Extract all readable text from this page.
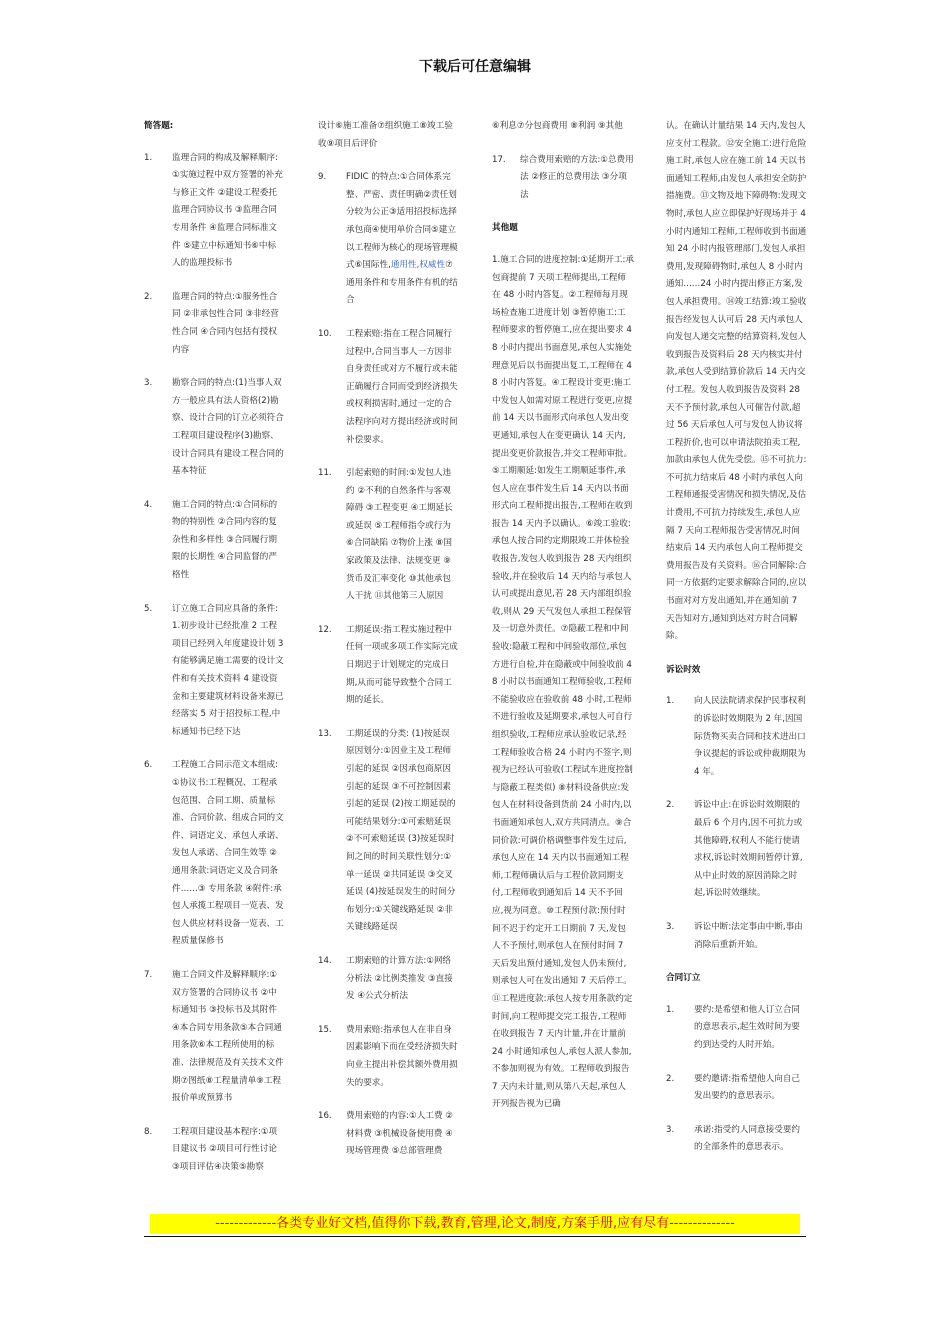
下载后可任意编辑
简答题:
1.	监理合同的构成及解释顺序:①实施过程中双方签署的补充与修正文件 ②建设工程委托监理合同协议书 ③监理合同专用条件 ④监理合同标准文件 ⑤建立中标通知书⑥中标人的监理投标书
2.	监理合同的特点:①服务性合同 ②非承包性合同 ③非经营性合同 ④合同内包括有授权内容
3.	勘察合同的特点:(1)当事人双方一般应具有法人资格(2)勘察、设计合同的订立必须符合工程项目建设程序(3)勘察、设计合同具有建设工程合同的基本特征
4.	施工合同的特点:①合同标的物的特别性 ②合同内容的复杂性和多样性 ③合同履行期限的长期性 ④合同监督的严格性
5.	订立施工合同应具备的条件:1.初步设计已经批准 2 工程项目已经列入年度建设计划 3 有能够满足施工需要的设计文件和有关技术资料 4 建设资金和主要建筑材料设备来源已经落实 5 对于招投标工程,中标通知书已经下达
6.	工程施工合同示范文本组成:①协议书:工程概况、工程承包范围、合同工期、质量标准、合同价款、组成合同的文件、词语定义、承包人承诺、发包人承诺、合同生效等 ②通用条款:词语定义及合同条件……③ 专用条款 ④附件:承包人承揽工程项目一览表、发包人供应材料设备一览表、工程质量保修书
7.	施工合同文件及解释顺序:①双方签署的合同协议书 ②中标通知书 ③投标书及其附件④本合同专用条款⑤本合同通用条款⑥本工程所使用的标准、法律规范及有关技术文件期⑦图纸⑧工程量清单⑨工程报价单或预算书
8.	工程项目建设基本程序:①项目建议书 ②项目可行性讨论③项目评估④决策⑤勘察
设计⑥施工准备⑦组织施工⑧竣工验收⑨项目后评价
9.	FIDIC 的特点:①合同体系完整、严密、责任明确②责任划分较为公正③适用招投标选择承包商④使用单价合同⑤建立以工程师为核心的现场管理模式⑥国际性,通用性,权威性⑦通用条件和专用条件有机的结合
10.	工程索赔:指在工程合同履行过程中,合同当事人一方因非自身责任或对方不履行或未能正确履行合同而受到经济损失或权利损害时,通过一定的合法程序向对方提出经济或时间补偿要求。
11.	引起索赔的时间:①发包人违约 ②不利的自然条件与客观障碍 ③工程变更 ④工期延长或延误 ⑤工程师指令或行为 ⑥合同缺陷 ⑦物价上涨 ⑧国家政策及法律、法规变更 ⑨货币及汇率变化 ⑩其他承包人干扰 ⑪其他第三人原因
12.	工期延误:指工程实施过程中任何一项或多项工作实际完成日期迟于计划规定的完成日期,从而可能导致整个合同工期的延长。
13.	工期延误的分类: (1)按延误原因划分:①因业主及工程师引起的延误 ②因承包商原因引起的延误 ③不可控制因素引起的延误 (2)按工期延误的可能结果划分:①可索赔延误 ②不可索赔延误 (3)按延误时间之间的时间关联性划分:①单一延误 ②共同延误 ③交叉延误 (4)按延误发生的时间分布划分:①关键线路延误 ②非关键线路延误
14.	工期索赔的计算方法:①网络分析法 ②比例类推发 ③直接发 ④公式分析法
15.	费用索赔:指承包人在非自身因素影响下而在受经济损失时向业主提出补偿其额外费用损失的要求。
16.	费用索赔的内容:①人工费 ②材料费 ③机械设备使用费 ④现场管理费 ⑤总部管理费
⑥利息⑦分包商费用 ⑧利润 ⑨其他
17.	综合费用索赔的方法:①总费用法 ②修正的总费用法 ③分项法
其他题
1.施工合同的进度控制:①延期开工:承包商提前 7 天项工程师提出,工程师在 48 小时内答复。②工程师每月现场检查施工进度计划 ③暂停施工:工程师要求的暂停施工,应在提出要求 48 小时内提出书面意见,承包人实施处理意见后以书面提出复工,工程师在 48 小时内答复。④工程设计变更:施工中发包人如需对原工程进行变更,应提前 14 天以书面形式向承包人发出变更通知,承包人在变更确认 14 天内,提出变更价款报告,并交工程师审批。⑤工期顺延:如发生工期顺延事件,承包人应在事件发生后 14 天内以书面形式向工程师提出报告,工程师在收到报告 14 天内予以确认。⑥竣工验收:承包人按合同约定期限竣工并体检验收报告,发包人收到报告 28 天内组织验收,并在验收后 14 天内给与承包人认可或提出意见,若 28 天内部组织验收,则从 29 天气发包人承担工程保管及一切意外责任。⑦隐蔽工程和中间验收:隐蔽工程和中间验收部位,承包方进行自检,并在隐蔽或中间验收前 48 小时以书面通知工程师验收,工程师不能验收应在验收前 48 小时,工程师不进行验收及延期要求,承包人可自行组织验收,工程师应承认验收记录,经工程师验收合格 24 小时内不签字,则视为已经认可验收(工程试车进度控制与隐蔽工程类似) ⑧材料设备供应:发包人在材料设备到货前 24 小时内,以书面通知承包人,双方共同清点。⑨合同价款:可调价格调整事件发生过后,承包人应在 14 天内以书面通知工程师,工程师确认后与工程价款同期支付,工程师收到通知后 14 天不予回应,视为同意。⑩工程预付款:预付时间不迟于约定开工日期前 7 天,发包人不予预付,则承包人在预付时间 7 天后发出预付通知,发包人仍未预付,则承包人可在发出通知 7 天后停工。⑪工程进度款:承包人按专用条款约定时间,向工程师提交完工报告,工程师在收到报告 7 天内计量,并在计量前 24 小时通知承包人,承包人派人参加,不参加则视为有效。工程师收到报告 7 天内未计量,则从第八天起,承包人开列报告视为已确
认。在确认计量结果 14 天内,发包人应支付工程款。⑫安全施工:进行危险施工时,承包人应在施工前 14 天以书面通知工程师,由发包人承担安全防护措施费。⑬文物及地下障碍物:发现文物时,承包人应立即保护好现场并于 4 小时内通知工程师,工程师收到书面通知 24 小时内报管理部门,发包人承担费用,发现障碍物时,承包人 8 小时内通知……24 小时内提出修正方案,发包人承担费用。⑭竣工结算:竣工验收报告经发包人认可后 28 天内承包人向发包人递交完整的结算资料,发包人收到报告及资料后 28 天内核实并付款,承包人受到结算价款后 14 天内交付工程。发包人收到报告及资料 28 天不予预付款,承包人可催告付款,超过 56 天后承包人可与发包人协议将工程折价,也可以申请法院拍卖工程,加款由承包人优先受偿。⑮不可抗力:不可抗力结束后 48 小时内承包人向工程师通报受害情况和损失情况,及估计费用,不可抗力持续发生,承包人应隔 7 天向工程师报告受害情况,时间结束后 14 天内承包人向工程师提交费用报告及有关资料。⑯合同解除:合同一方依据约定要求解除合同的,应以书面对对方发出通知,并在通知前 7 天告知对方,通知到达对方时合同解除。
诉讼时效
1.	向人民法院请求保护民事权利的诉讼时效期限为 2 年,因国际货物买卖合同和技术进出口争议提起的诉讼或仲裁期限为 4 年。
2.	诉讼中止:在诉讼时效期限的最后 6 个月内,因不可抗力或其他障碍,权利人不能行使请求权,诉讼时效期间暂停计算,从中止时效的原因消除之时起,诉讼时效继续。
3.	诉讼中断:法定事由中断,事由消除后重新开始。
合同订立
1.	要约:是希望和他人订立合同的意思表示,起生效时间为要约到达受约人时开始。
2.	要约邀请:指希望他人向自己发出要约的意思表示。
3.	承诺:指受约人同意接受要约的全部条件的意思表示。
-------------各类专业好文档,值得你下载,教育,管理,论文,制度,方案手册,应有尽有--------------
